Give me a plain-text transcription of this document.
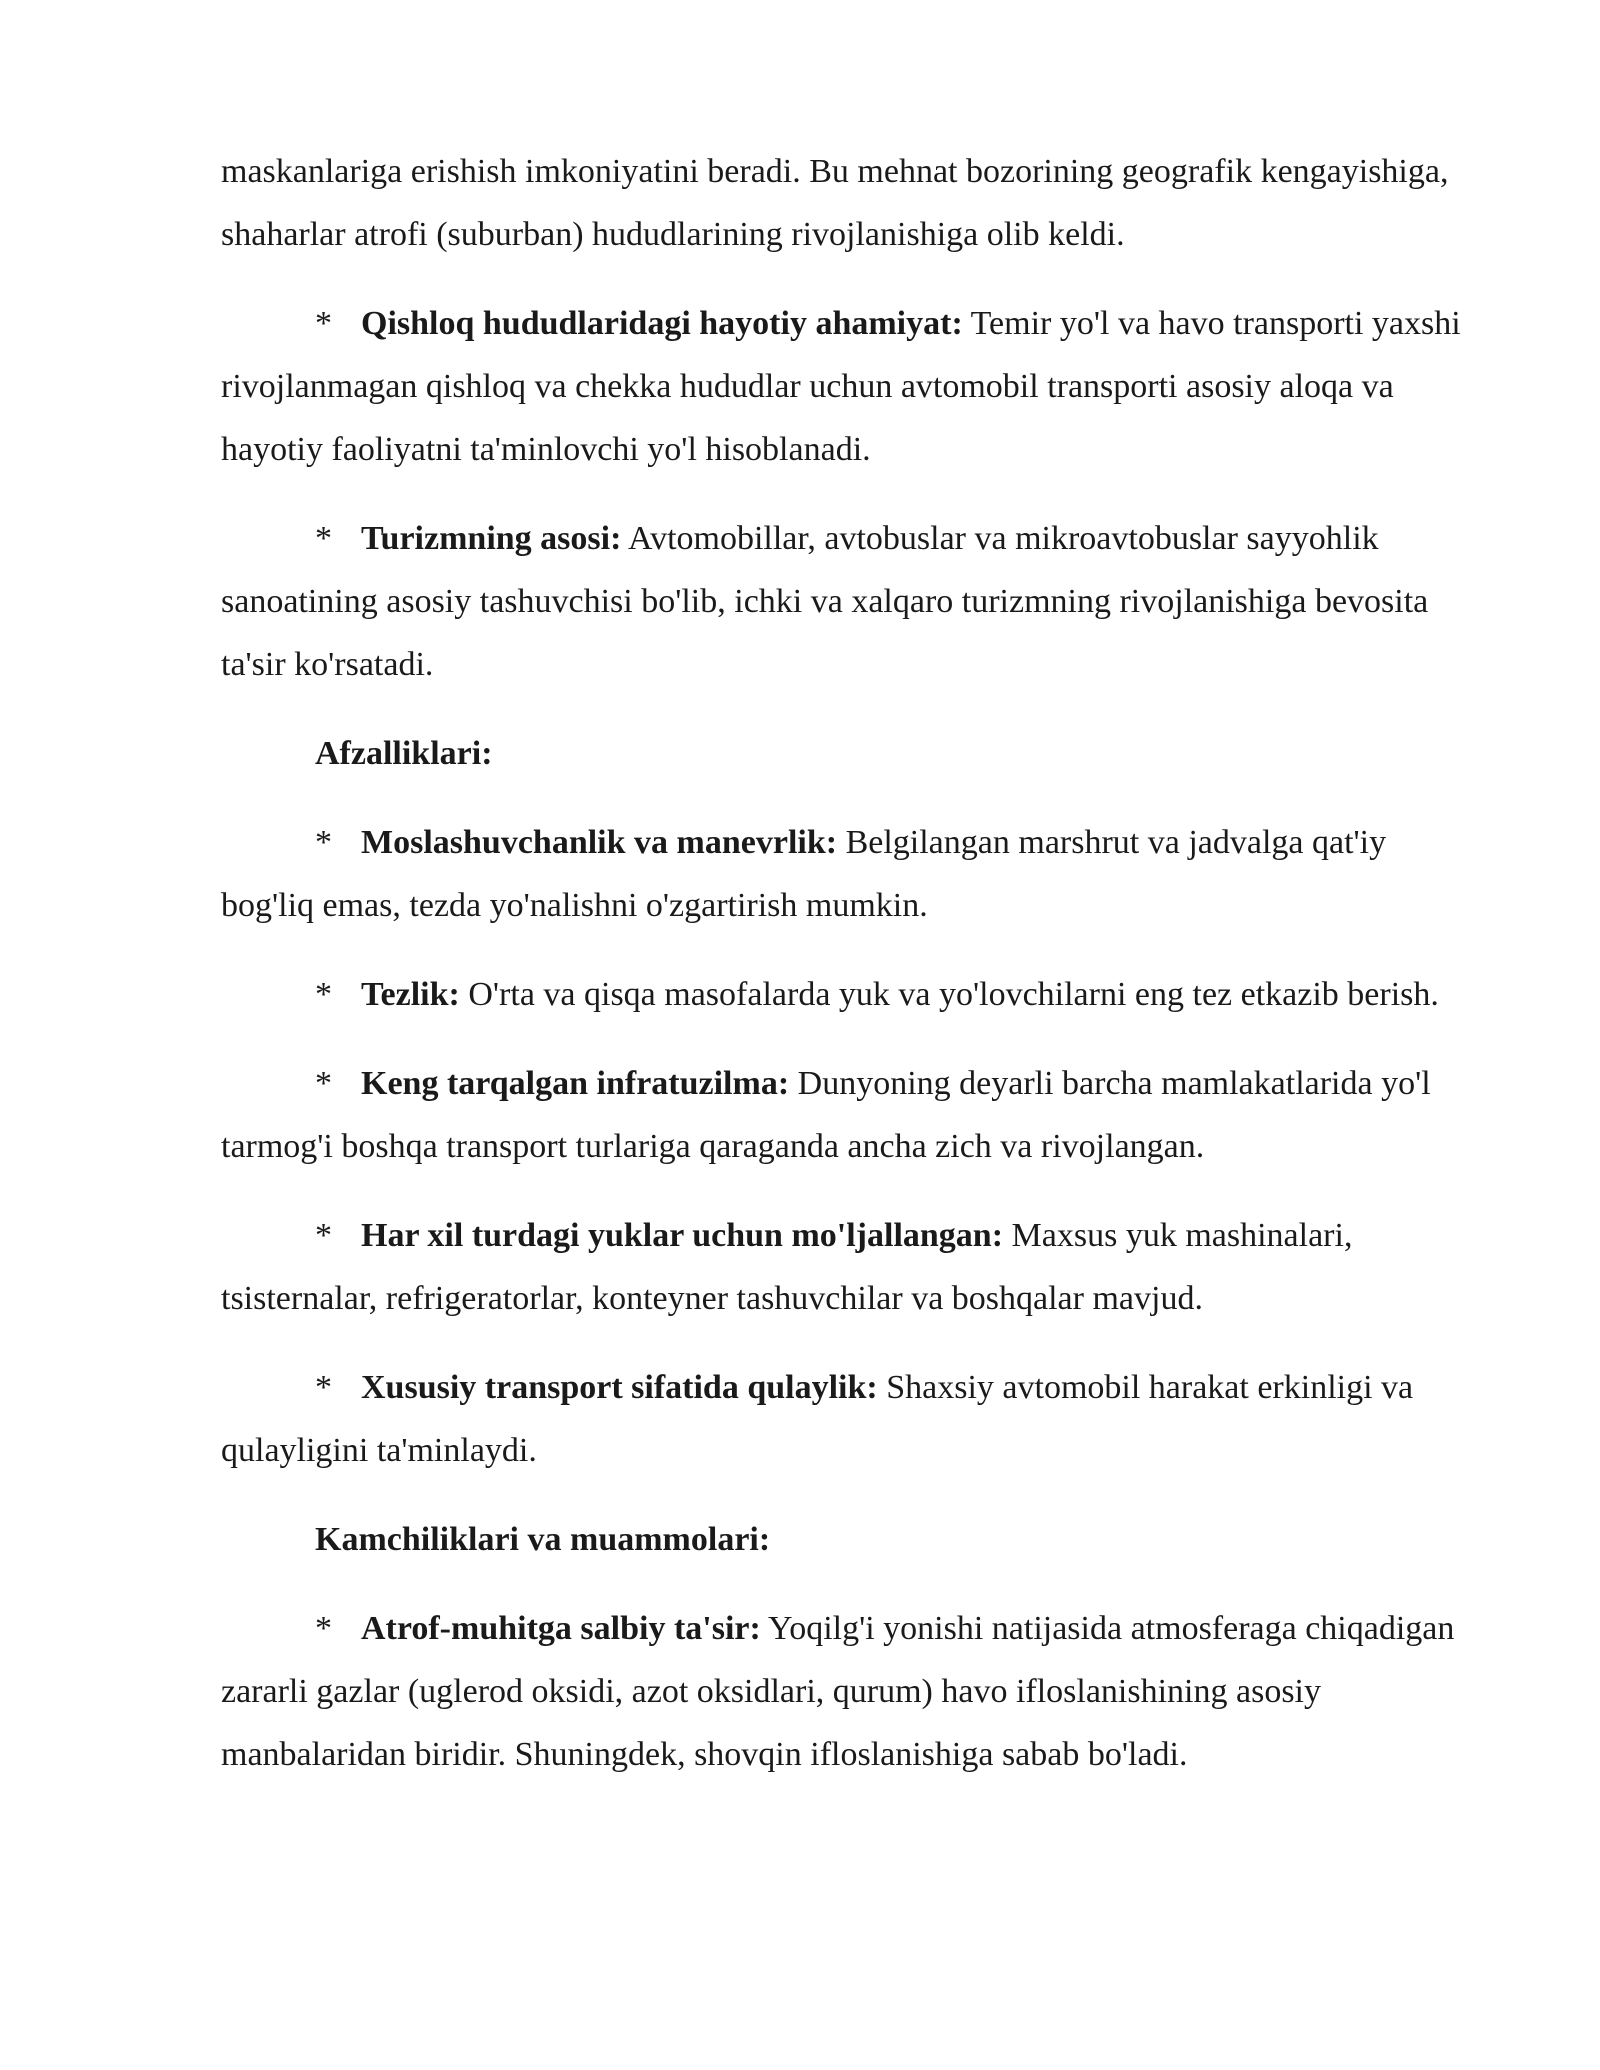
maskanlariga erishish imkoniyatini beradi. Bu mehnat bozorining geografik kengayishiga, shaharlar atrofi (suburban) hududlarining rivojlanishiga olib keldi.

* Qishloq hududlaridagi hayotiy ahamiyat: Temir yo'l va havo transporti yaxshi rivojlanmagan qishloq va chekka hududlar uchun avtomobil transporti asosiy aloqa va hayotiy faoliyatni ta'minlovchi yo'l hisoblanadi.

* Turizmning asosi: Avtomobillar, avtobuslar va mikroavtobuslar sayyohlik sanoatining asosiy tashuvchisi bo'lib, ichki va xalqaro turizmning rivojlanishiga bevosita ta'sir ko'rsatadi.

Afzalliklari:

* Moslashuvchanlik va manevrlik: Belgilangan marshrut va jadvalga qat'iy bog'liq emas, tezda yo'nalishni o'zgartirish mumkin.

* Tezlik: O'rta va qisqa masofalarda yuk va yo'lovchilarni eng tez etkazib berish.

* Keng tarqalgan infratuzilma: Dunyoning deyarli barcha mamlakatlarida yo'l tarmog'i boshqa transport turlariga qaraganda ancha zich va rivojlangan.

* Har xil turdagi yuklar uchun mo'ljallangan: Maxsus yuk mashinalari, tsisternalar, refrigeratorlar, konteyner tashuvchilar va boshqalar mavjud.

* Xususiy transport sifatida qulaylik: Shaxsiy avtomobil harakat erkinligi va qulayligini ta'minlaydi.

Kamchiliklari va muammolari:

* Atrof-muhitga salbiy ta'sir: Yoqilg'i yonishi natijasida atmosferaga chiqadigan zararli gazlar (uglerod oksidi, azot oksidlari, qurum) havo ifloslanishining asosiy manbalaridan biridir. Shuningdek, shovqin ifloslanishiga sabab bo'ladi.
